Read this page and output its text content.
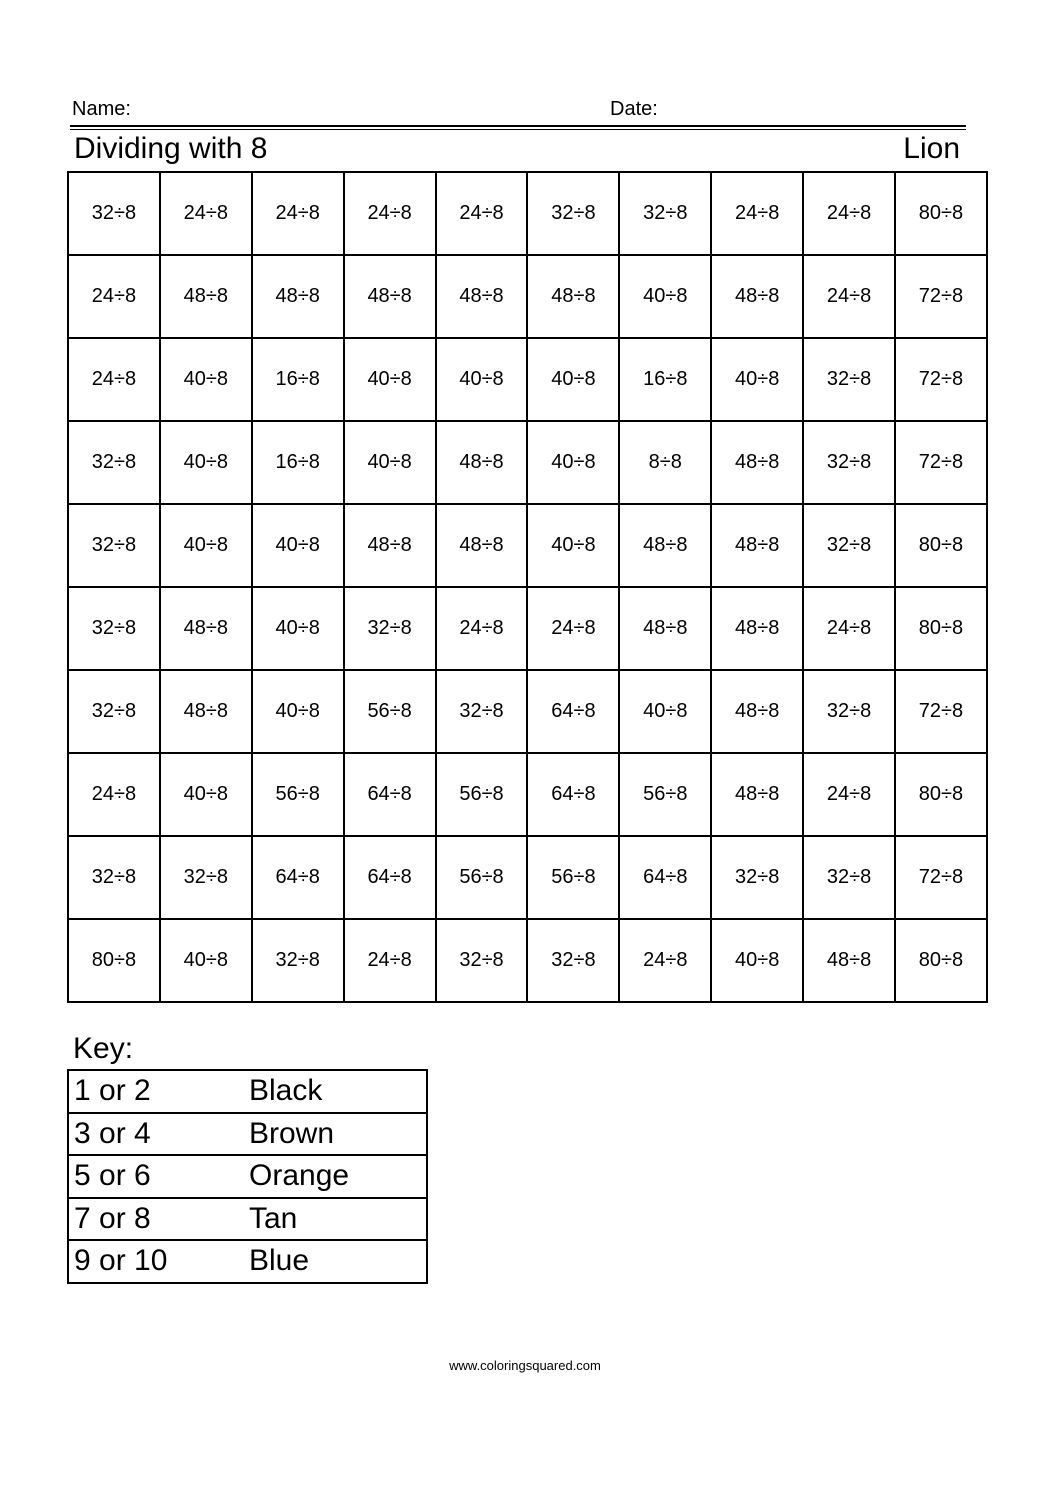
Name:	Date:
Dividing with 8	Lion
32÷8	24÷8	24÷8	24÷8	24÷8	32÷8	32÷8	24÷8	24÷8	80÷8
24÷8	48÷8	48÷8	48÷8	48÷8	48÷8	40÷8	48÷8	24÷8	72÷8
24÷8	40÷8	16÷8	40÷8	40÷8	40÷8	16÷8	40÷8	32÷8	72÷8
32÷8	40÷8	16÷8	40÷8	48÷8	40÷8	8÷8	48÷8	32÷8	72÷8
32÷8	40÷8	40÷8	48÷8	48÷8	40÷8	48÷8	48÷8	32÷8	80÷8
32÷8	48÷8	40÷8	32÷8	24÷8	24÷8	48÷8	48÷8	24÷8	80÷8
32÷8	48÷8	40÷8	56÷8	32÷8	64÷8	40÷8	48÷8	32÷8	72÷8
24÷8	40÷8	56÷8	64÷8	56÷8	64÷8	56÷8	48÷8	24÷8	80÷8
32÷8	32÷8	64÷8	64÷8	56÷8	56÷8	64÷8	32÷8	32÷8	72÷8
80÷8	40÷8	32÷8	24÷8	32÷8	32÷8	24÷8	40÷8	48÷8	80÷8
Key:
1 or 2	Black
3 or 4	Brown
5 or 6	Orange
7 or 8	Tan
9 or 10	Blue
www.coloringsquared.com
